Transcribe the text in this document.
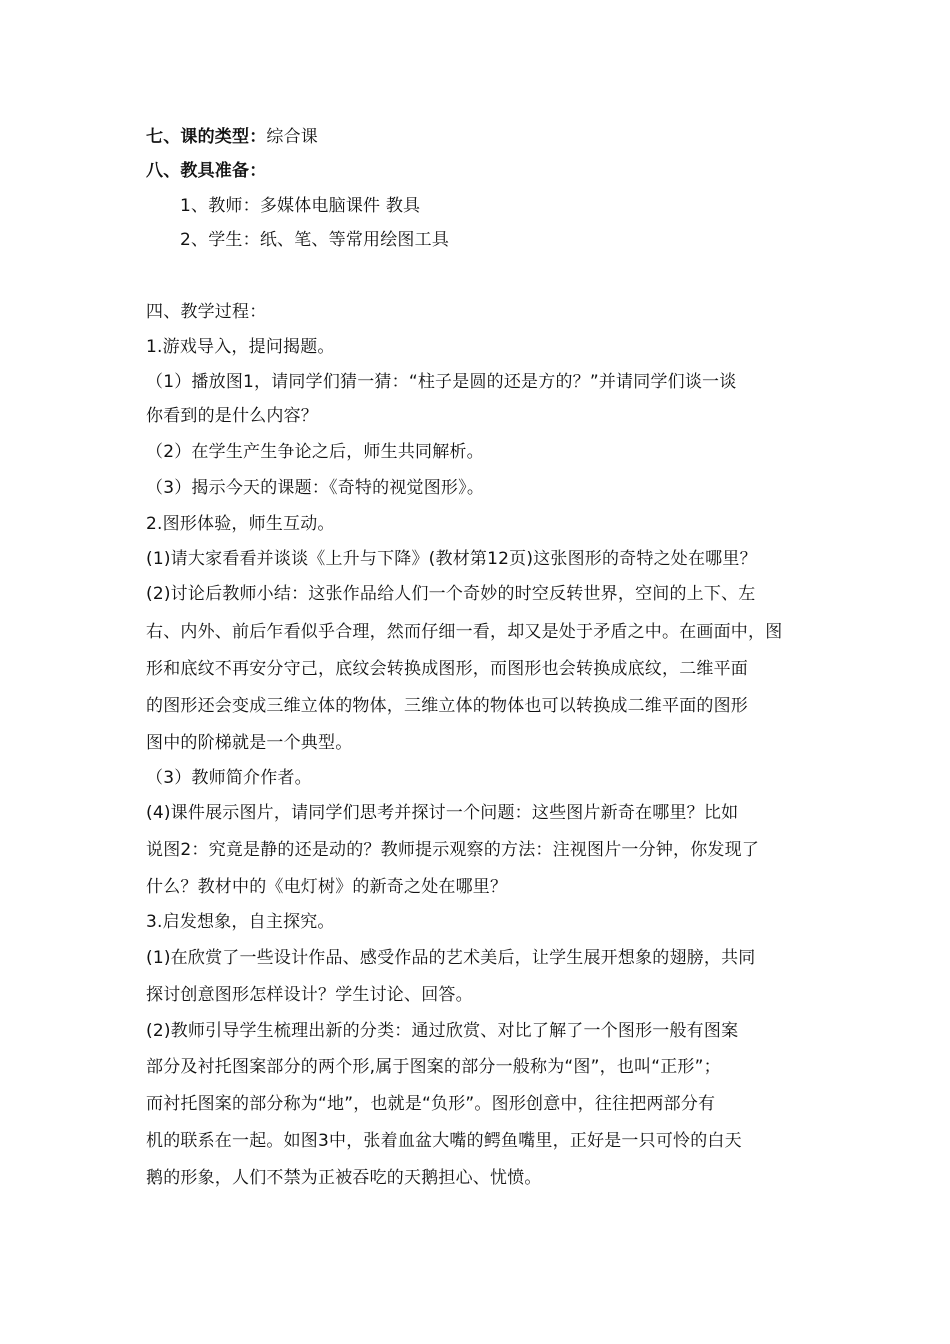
七、课的类型：综合课
八、教具准备：
1、教师：多媒体电脑课件 教具
2、学生：纸、笔、等常用绘图工具
四、教学过程：
1.游戏导入，提问揭题。
（1）播放图1，请同学们猜一猜：“柱子是圆的还是方的？”并请同学们谈一谈
你看到的是什么内容？
（2）在学生产生争论之后，师生共同解析。
（3）揭示今天的课题：《奇特的视觉图形》。
2.图形体验，师生互动。
(1)请大家看看并谈谈《上升与下降》(教材第12页)这张图形的奇特之处在哪里？
(2)讨论后教师小结：这张作品给人们一个奇妙的时空反转世界，空间的上下、左
右、内外、前后乍看似乎合理，然而仔细一看，却又是处于矛盾之中。在画面中，图
形和底纹不再安分守己，底纹会转换成图形，而图形也会转换成底纹，二维平面
的图形还会变成三维立体的物体，三维立体的物体也可以转换成二维平面的图形
图中的阶梯就是一个典型。
（3）教师简介作者。
(4)课件展示图片，请同学们思考并探讨一个问题：这些图片新奇在哪里？比如
说图2：究竟是静的还是动的？教师提示观察的方法：注视图片一分钟，你发现了
什么？教材中的《电灯树》的新奇之处在哪里？
3.启发想象，自主探究。
(1)在欣赏了一些设计作品、感受作品的艺术美后，让学生展开想象的翅膀，共同
探讨创意图形怎样设计？学生讨论、回答。
(2)教师引导学生梳理出新的分类：通过欣赏、对比了解了一个图形一般有图案
部分及衬托图案部分的两个形,属于图案的部分一般称为“图”，也叫“正形”；
而衬托图案的部分称为“地”，也就是“负形”。图形创意中，往往把两部分有
机的联系在一起。如图3中，张着血盆大嘴的鳄鱼嘴里，正好是一只可怜的白天
鹅的形象，人们不禁为正被吞吃的天鹅担心、忧愤。
